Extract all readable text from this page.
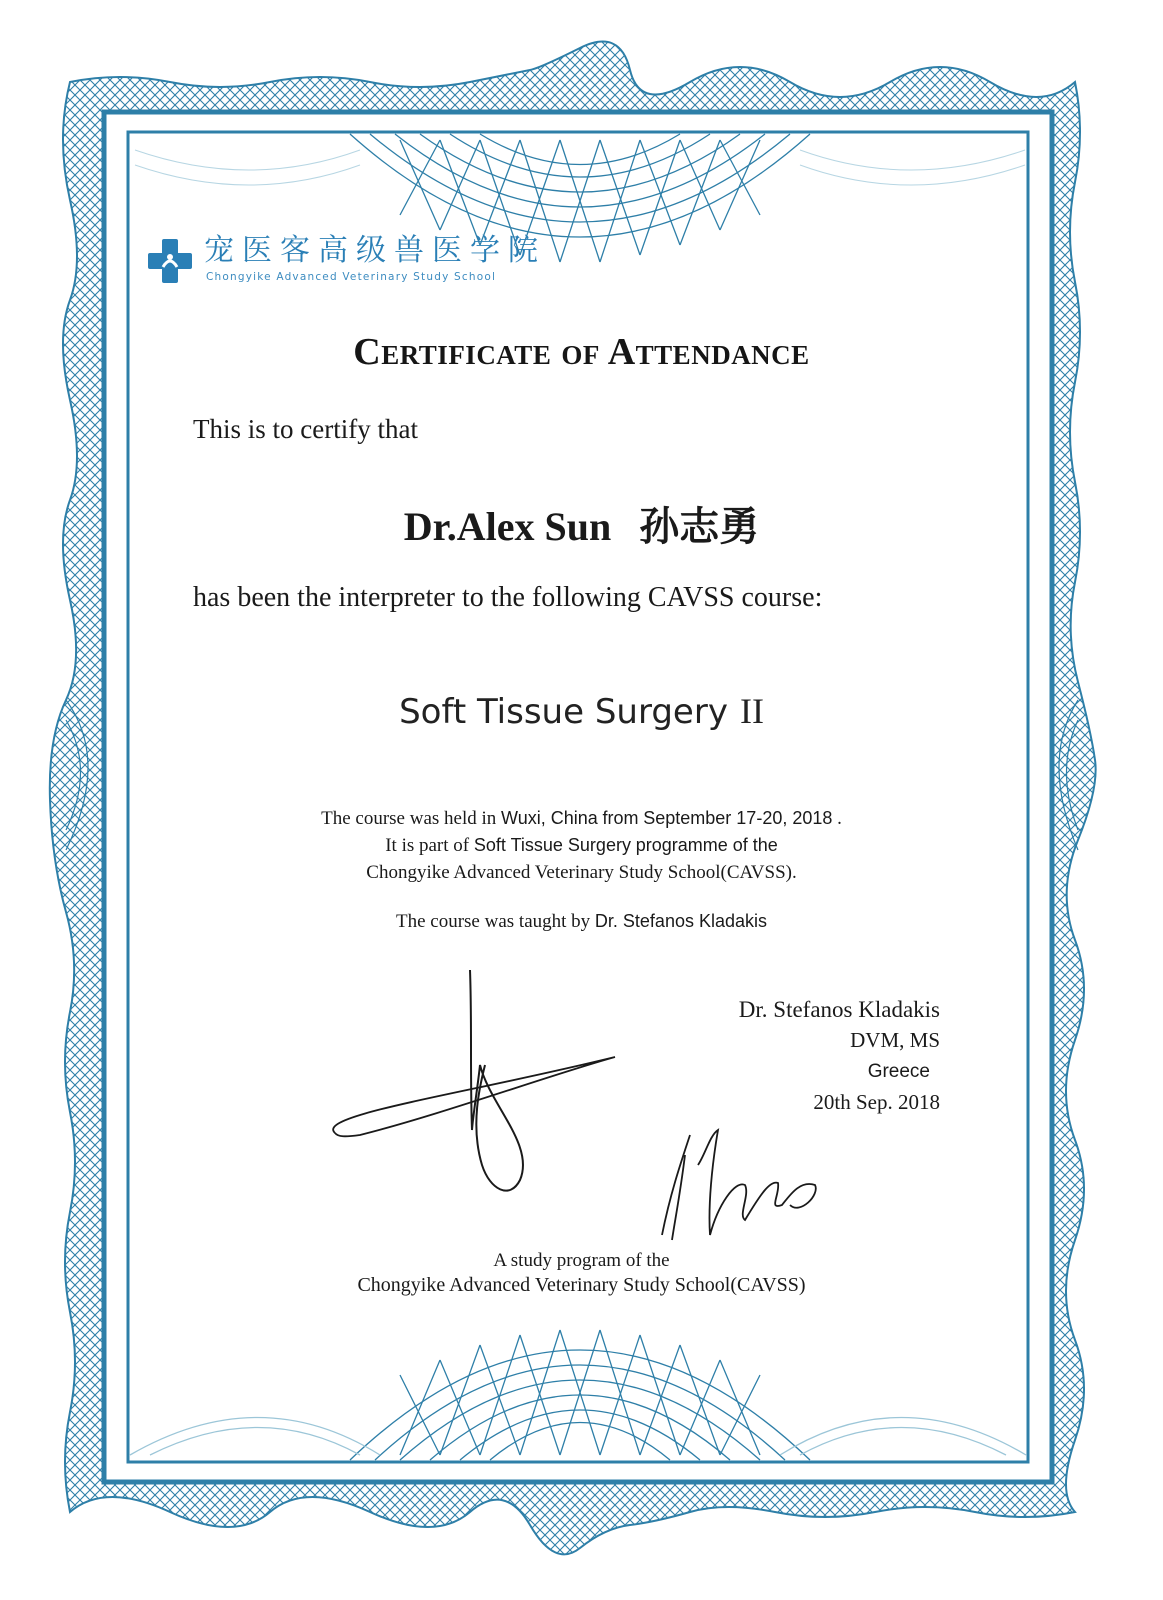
宠医客高级兽医学院
Chongyike Advanced Veterinary Study School
Certificate of Attendance
This is to certify that
Dr.Alex Sun 孙志勇
has been the interpreter to the following CAVSS course:
Soft Tissue Surgery II
The course was held in Wuxi, China from September 17-20, 2018 .
It is part of Soft Tissue Surgery programme of the
Chongyike Advanced Veterinary Study School(CAVSS).
The course was taught by Dr. Stefanos Kladakis
Dr. Stefanos Kladakis
DVM, MS
Greece
20th Sep. 2018
A study program of the
Chongyike Advanced Veterinary Study School(CAVSS)
